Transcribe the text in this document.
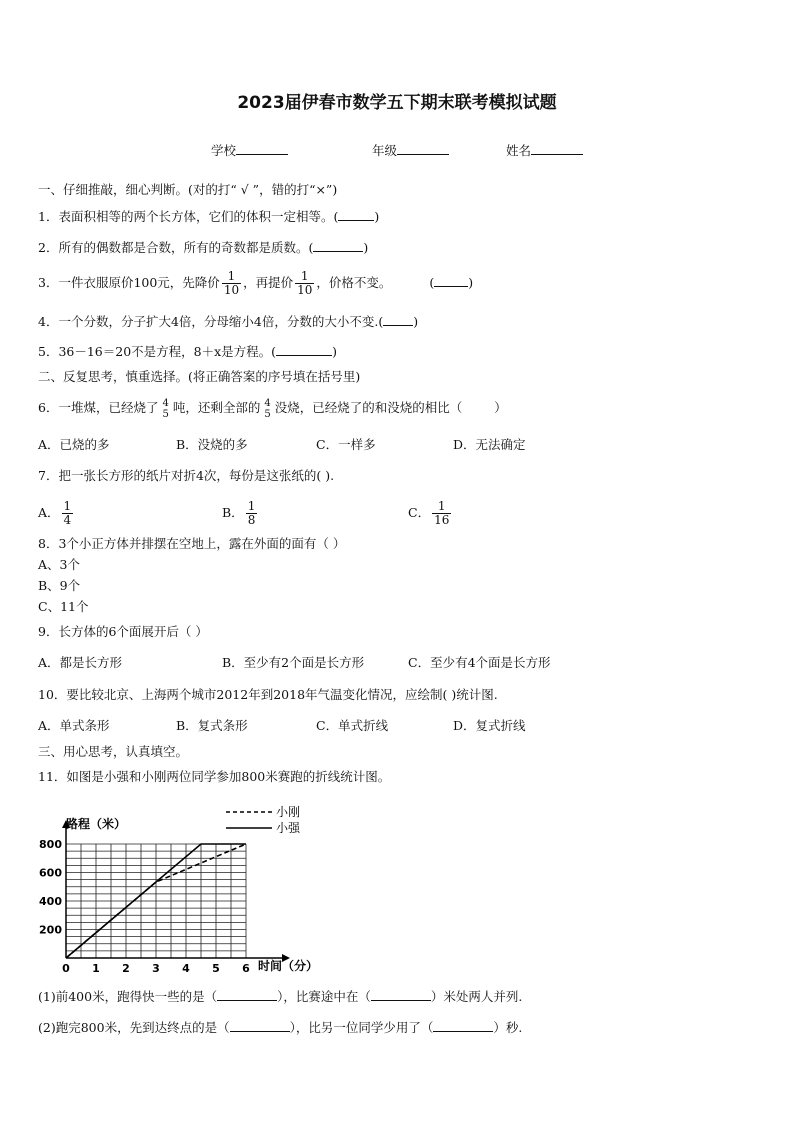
2023届伊春市数学五下期末联考模拟试题
学校	年级	姓名
一、仔细推敲，细心判断。(对的打“ √ ”，错的打“×”)
1．表面积相等的两个长方体，它们的体积一定相等。(	)
2．所有的偶数都是合数，所有的奇数都是质数。(	)
3．一件衣服原价100元，先降价 $\frac{1}{10}$ ，再提价 $\frac{1}{10}$ ，价格不变。	(	)
4．一个分数，分子扩大4倍，分母缩小4倍，分数的大小不变.( )
5．36－16＝20不是方程，8＋x是方程。(	)
二、反复思考，慎重选择。(将正确答案的序号填在括号里)
6．一堆煤，已经烧了 4
5 吨，还剩全部的 4
5 没烧，已经烧了的和没烧的相比（	）
A．已烧的多	B．没烧的多	C．一样多	D．无法确定
7．把一张长方形的纸片对折4次，每份是这张纸的( ).
A． $\frac{1}{4}$	B． $\frac{1}{8}$	C． $\frac{1}{16}$
8．3个小正方体并排摆在空地上，露在外面的面有（ ）
A、3个
B、9个
C、11个
9．长方体的6个面展开后（ ）
A．都是长方形	B．至少有2个面是长方形	C．至少有4个面是长方形
10．要比较北京、上海两个城市2012年到2018年气温变化情况，应绘制( )统计图.
A．单式条形	B．复式条形	C．单式折线	D．复式折线
三、用心思考，认真填空。
11．如图是小强和小刚两位同学参加800米赛跑的折线统计图。
0 1 2 3 4 5 6
200
400
600
800
小刚
小强
路程（米）
时间（分）
(1)前400米，跑得快一些的是（	），比赛途中在（	）米处两人并列.
(2)跑完800米，先到达终点的是（	），比另一位同学少用了（	）秒.
